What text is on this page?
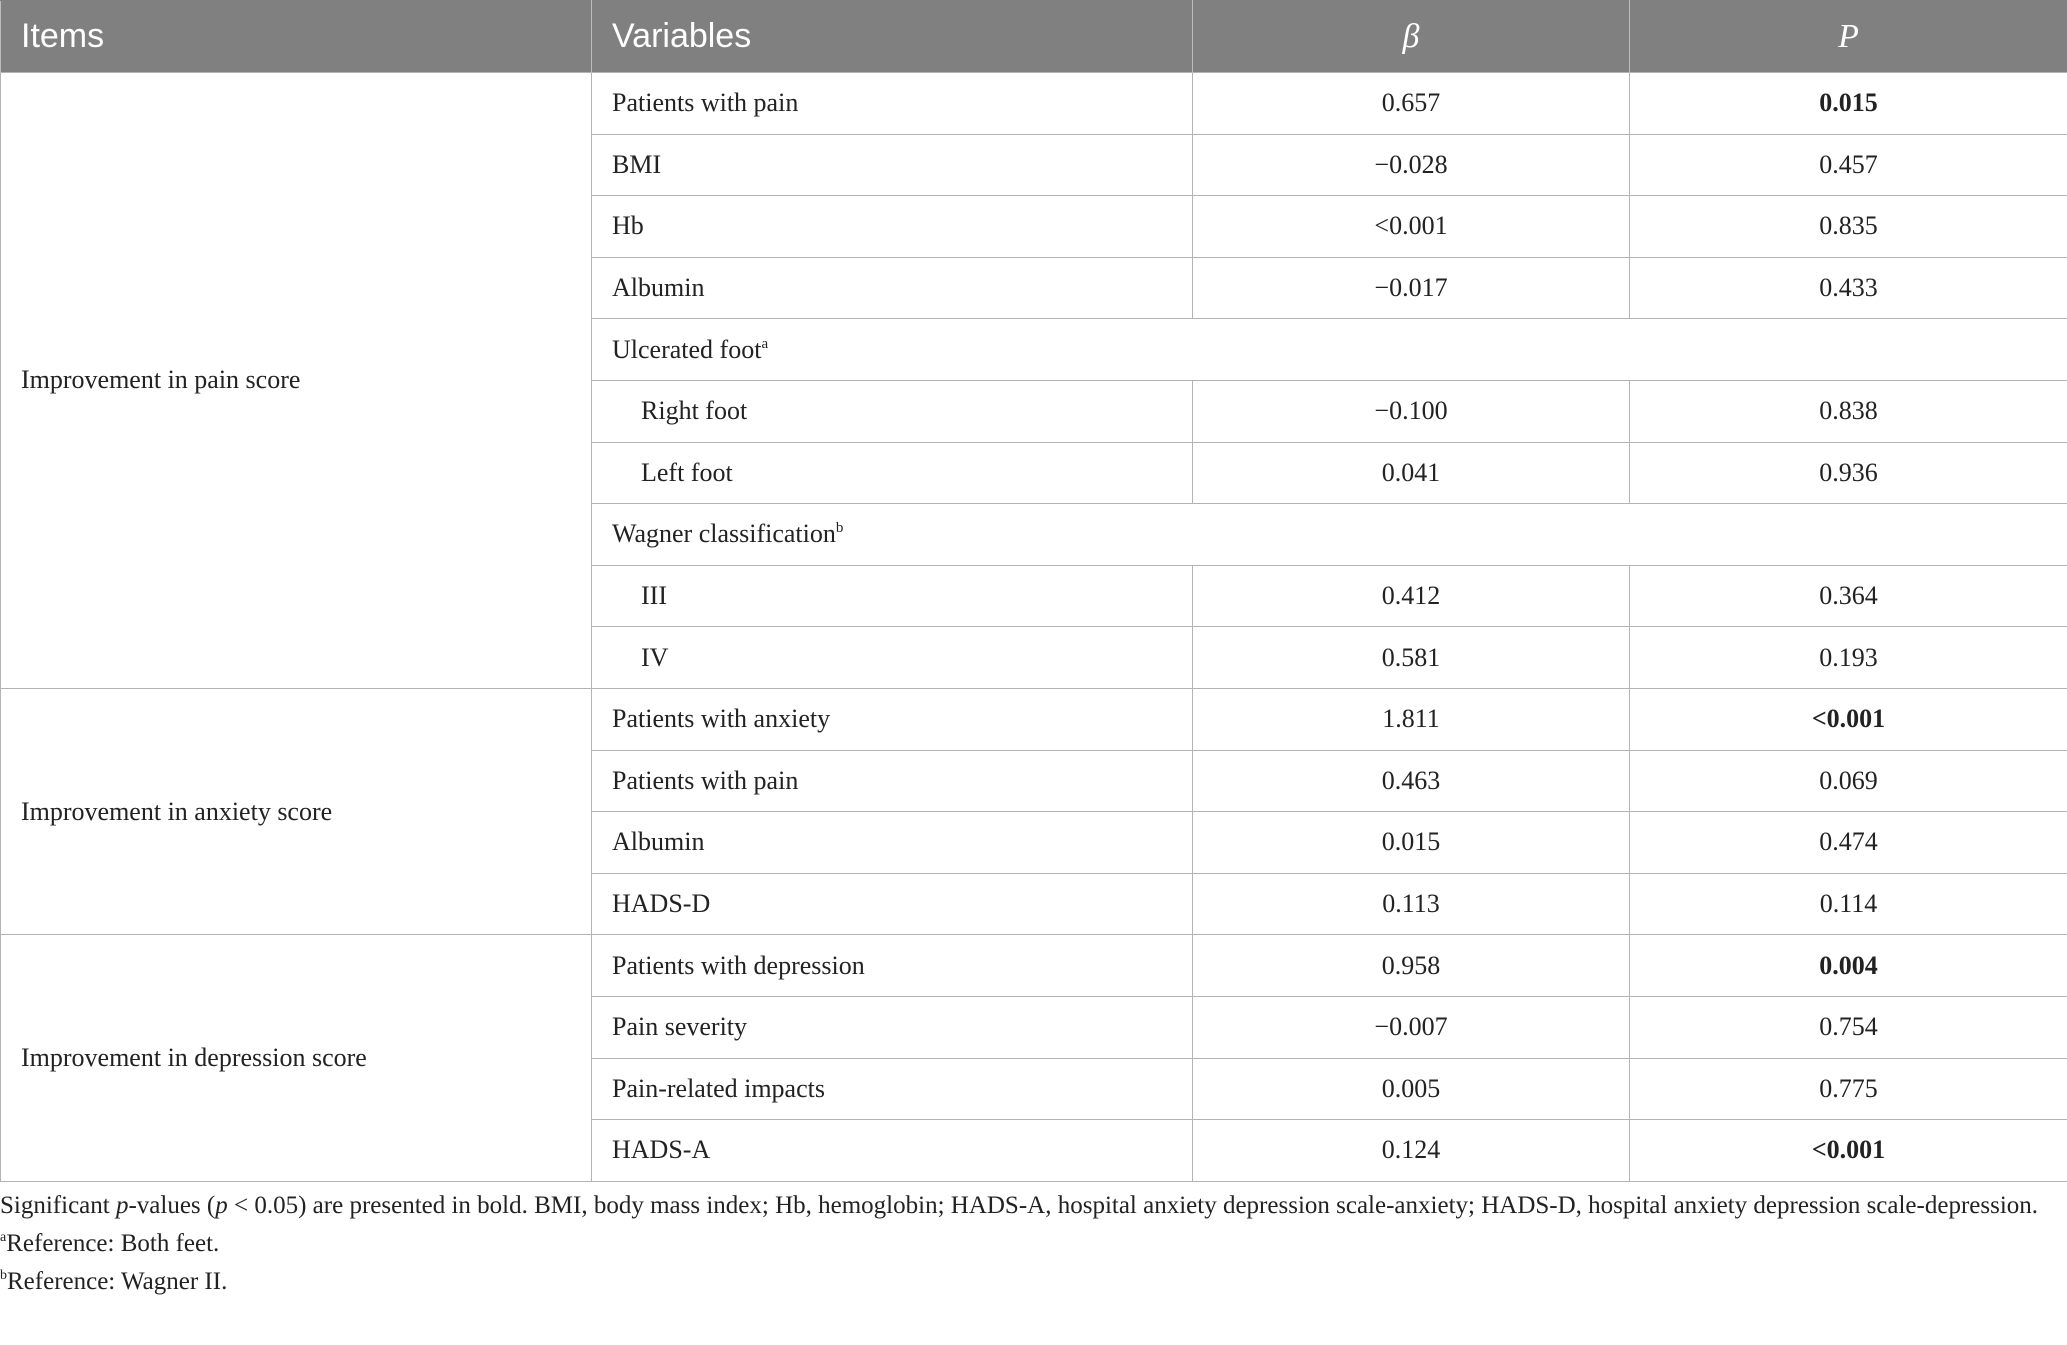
Items	Variables	β	P
Improvement in pain score	Patients with pain	0.657	0.015
	BMI	−0.028	0.457
	Hb	<0.001	0.835
	Albumin	−0.017	0.433
	Ulcerated foot$^a$
	Right foot	−0.100	0.838
	Left foot	0.041	0.936
	Wagner classification$^b$
	III	0.412	0.364
	IV	0.581	0.193
Improvement in anxiety score	Patients with anxiety	1.811	<0.001
	Patients with pain	0.463	0.069
	Albumin	0.015	0.474
	HADS-D	0.113	0.114
Improvement in depression score	Patients with depression	0.958	0.004
	Pain severity	−0.007	0.754
	Pain-related impacts	0.005	0.775
	HADS-A	0.124	<0.001

Significant p-values (p < 0.05) are presented in bold. BMI, body mass index; Hb, hemoglobin; HADS-A, hospital anxiety depression scale-anxiety; HADS-D, hospital anxiety depression scale-depression.

$^a$Reference: Both feet.

$^b$Reference: Wagner II.
